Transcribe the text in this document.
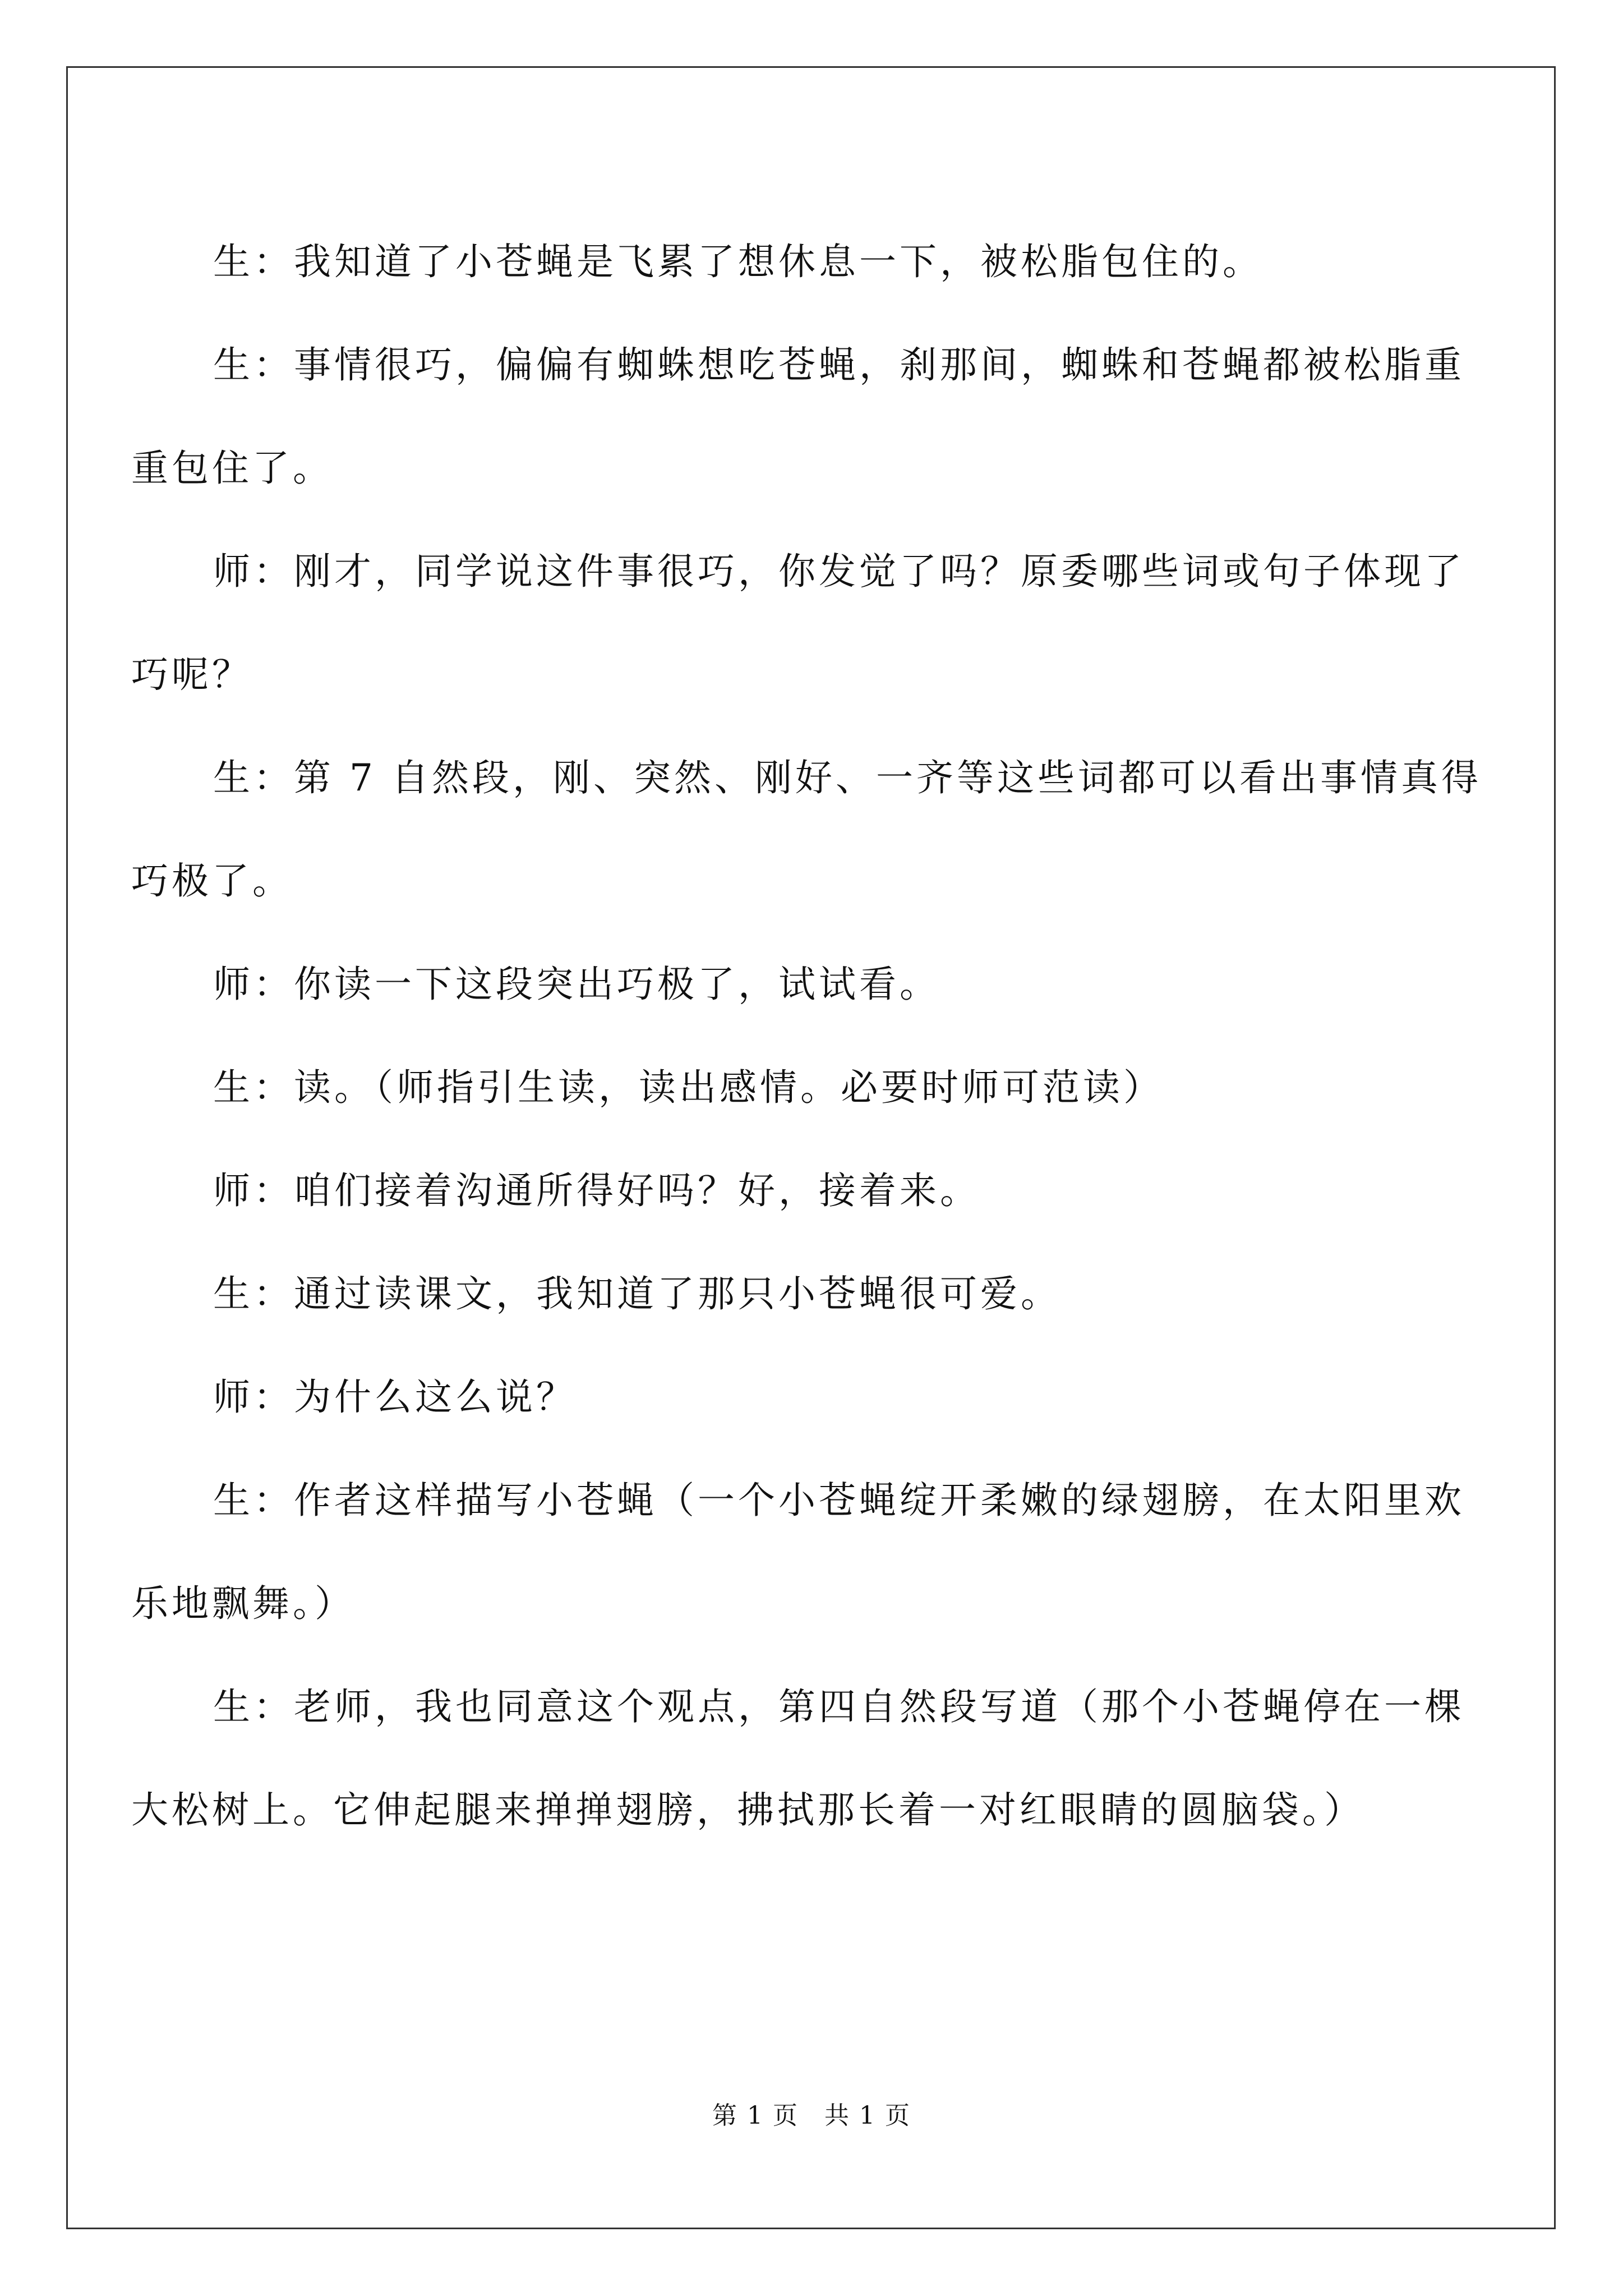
生：我知道了小苍蝇是飞累了想休息一下，被松脂包住的。

生：事情很巧，偏偏有蜘蛛想吃苍蝇，刹那间，蜘蛛和苍蝇都被松脂重重包住了。

师：刚才，同学说这件事很巧，你发觉了吗？原委哪些词或句子体现了巧呢？

生：第 7 自然段，刚、突然、刚好、一齐等这些词都可以看出事情真得巧极了。

师：你读一下这段突出巧极了，试试看。

生：读。（师指引生读，读出感情。必要时师可范读）

师：咱们接着沟通所得好吗？好，接着来。

生：通过读课文，我知道了那只小苍蝇很可爱。

师：为什么这么说？

生：作者这样描写小苍蝇（一个小苍蝇绽开柔嫩的绿翅膀，在太阳里欢乐地飘舞。）

生：老师，我也同意这个观点，第四自然段写道（那个小苍蝇停在一棵大松树上。它伸起腿来掸掸翅膀，拂拭那长着一对红眼睛的圆脑袋。）

第 1 页　共 1 页
